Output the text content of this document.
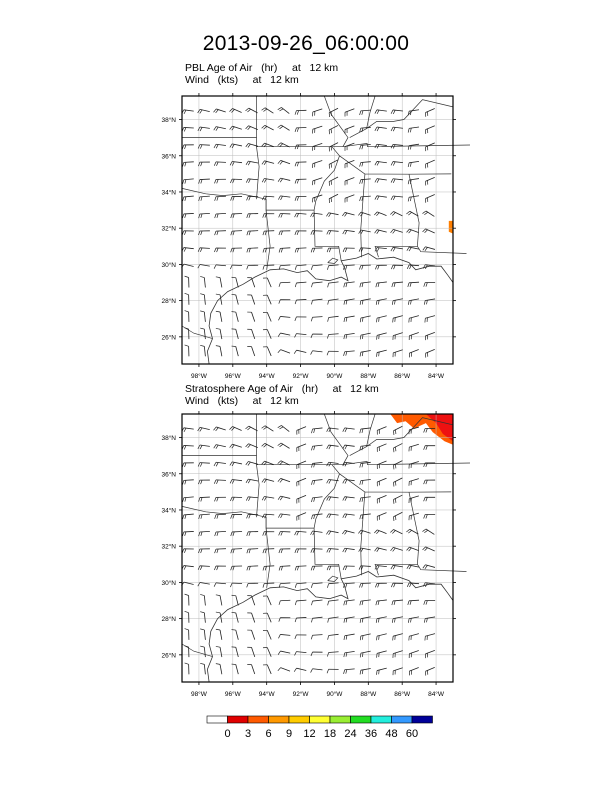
2013-09-26_06:00:00
PBL Age of Air   (hr)     at   12 km
Wind   (kts)     at   12 km
38°N
36°N
34°N
32°N
30°N
28°N
26°N
98°W	96°W	94°W	92°W	90°W	88°W	86°W	84°W
Stratosphere Age of Air   (hr)     at   12 km
Wind   (kts)     at   12 km
38°N
36°N
34°N
32°N
30°N
28°N
26°N
98°W	96°W	94°W	92°W	90°W	88°W	86°W	84°W
0 3 6 9 12 18 24 36 48 60
